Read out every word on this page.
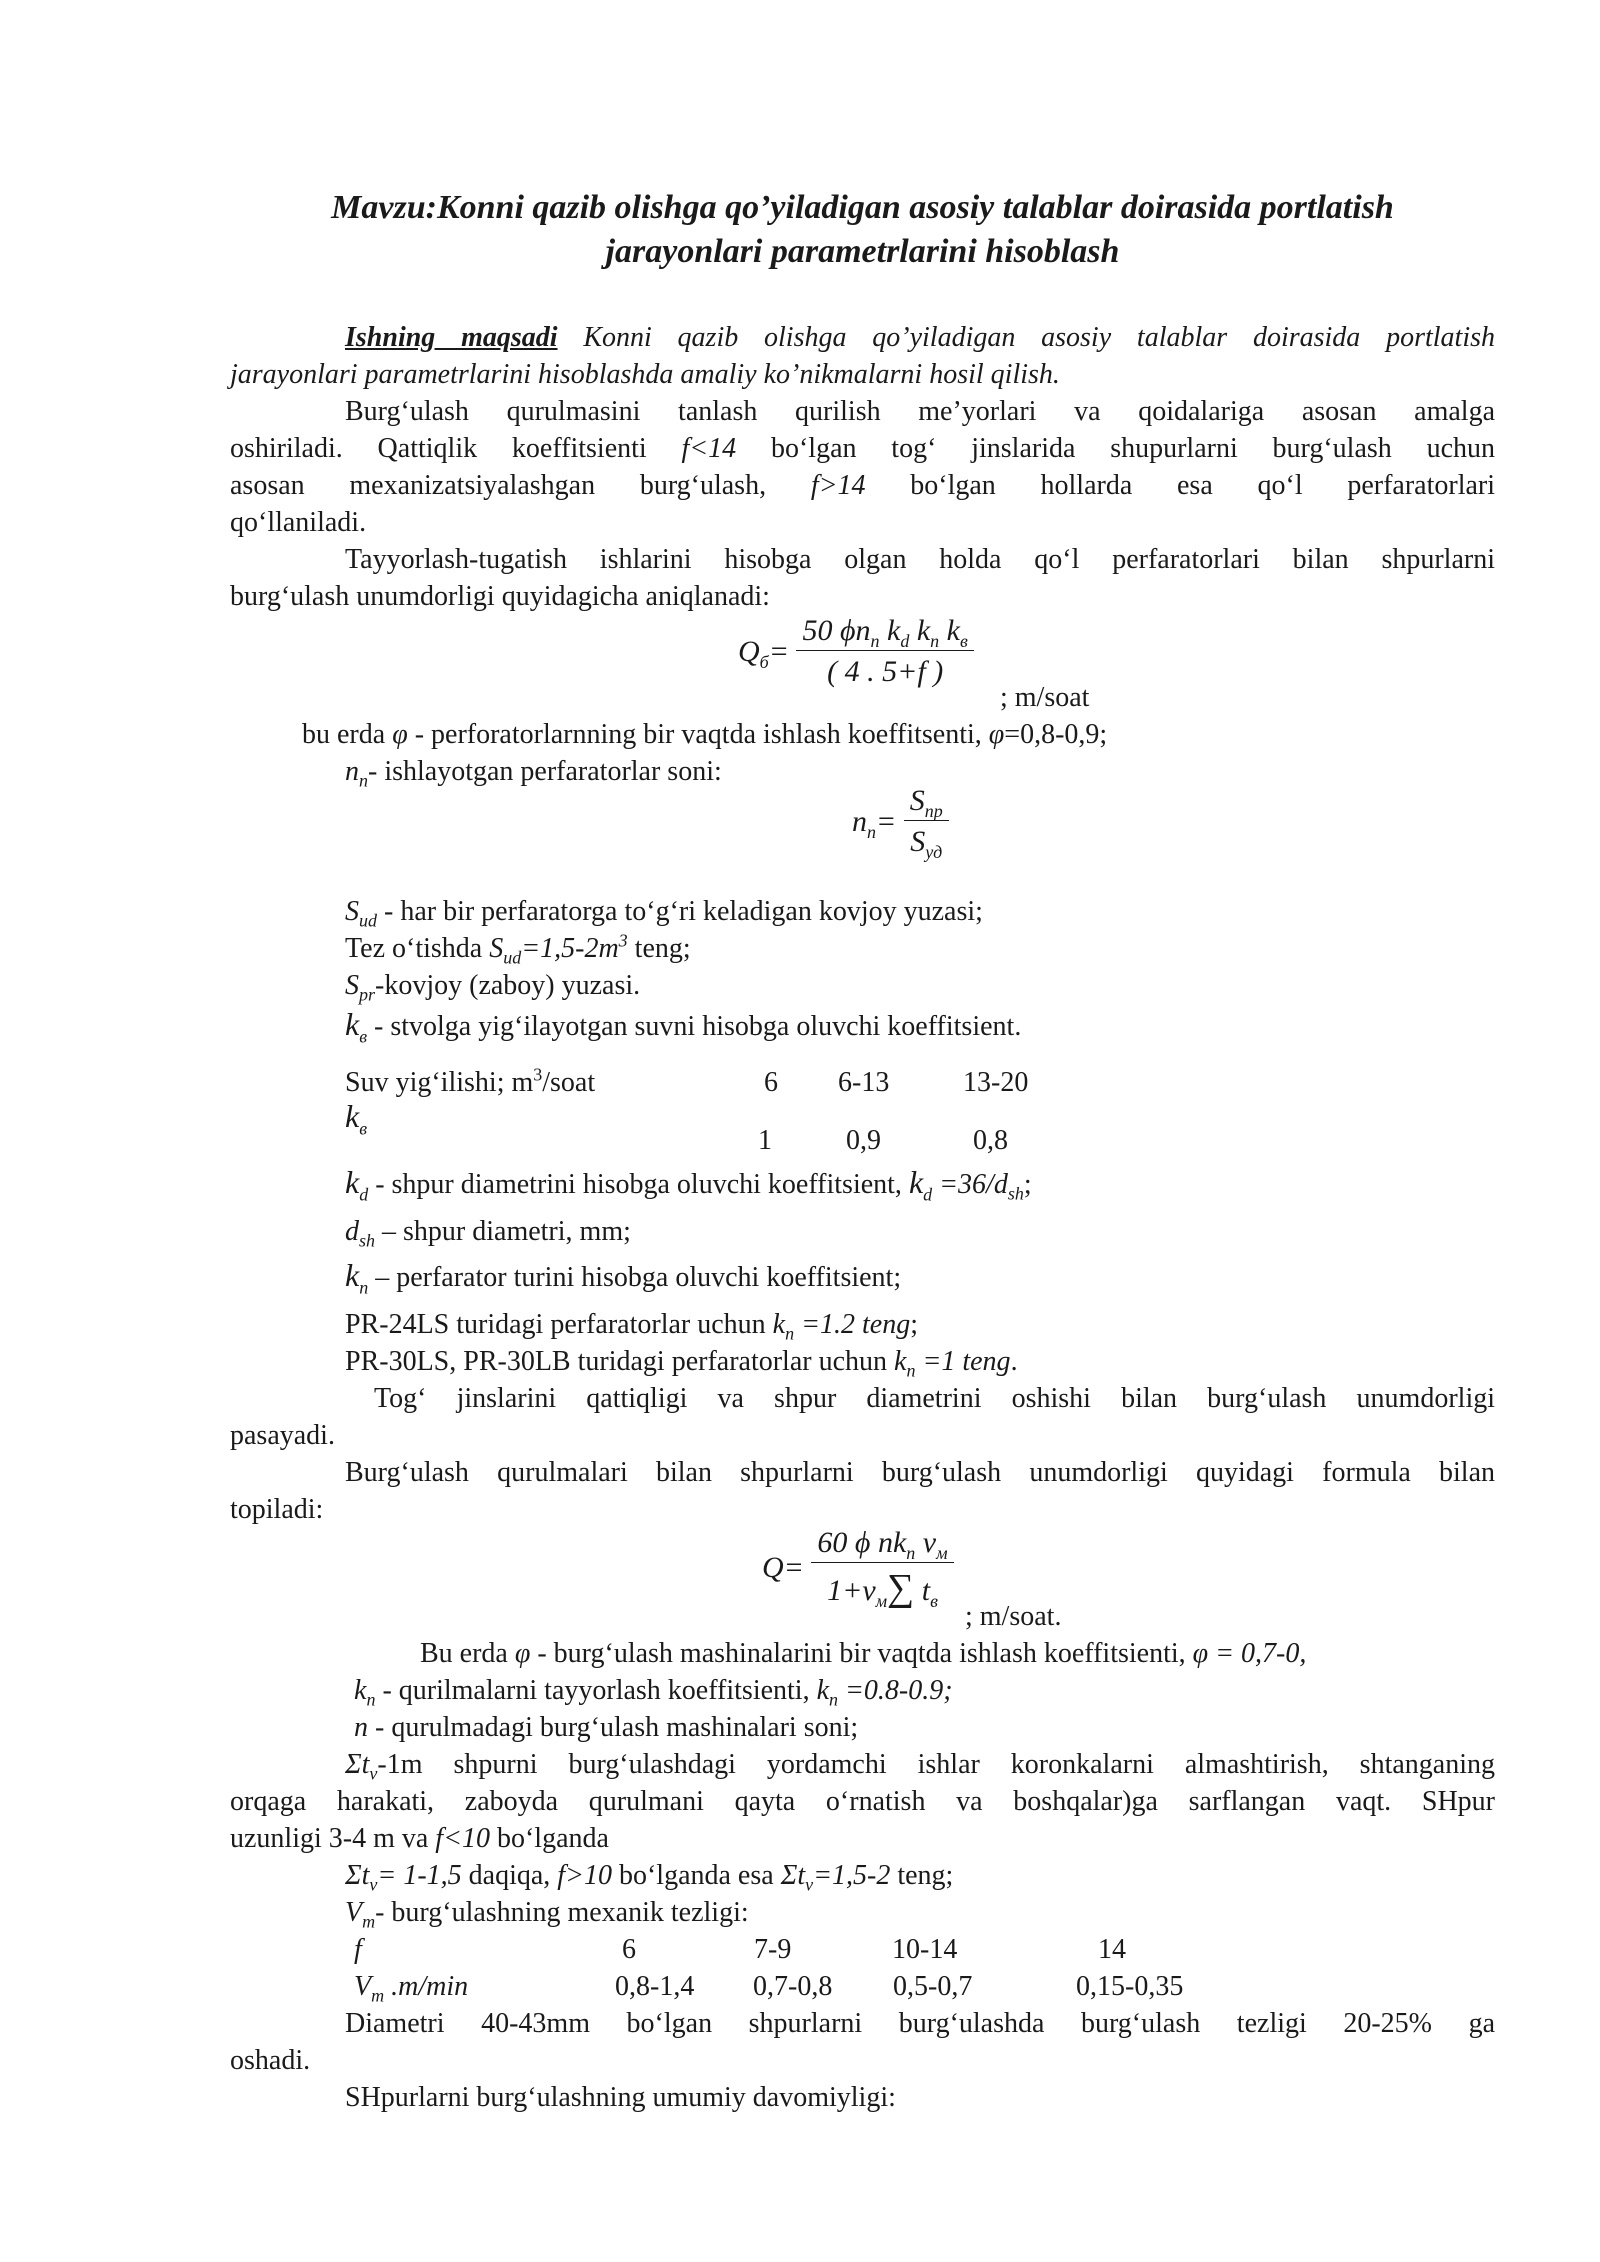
Mavzu:Konni qazib olishga qo’yiladigan asosiy talablar doirasida portlatish
jarayonlari parametrlarini hisoblash
Ishning maqsadi Konni qazib olishga qo’yiladigan asosiy talablar doirasida portlatish
jarayonlari parametrlarini hisoblashda amaliy ko’nikmalarni hosil qilish.
Burg‘ulash qurulmasini tanlash qurilish me’yorlari va qoidalariga asosan amalga
oshiriladi. Qattiqlik koeffitsienti f<14 bo‘lgan tog‘ jinslarida shupurlarni burg‘ulash uchun
asosan mexanizatsiyalashgan burg‘ulash, f>14 bo‘lgan hollarda esa qo‘l perfaratorlari
qo‘llaniladi.
Tayyorlash-tugatish ishlarini hisobga olgan holda qo‘l perfaratorlari bilan shpurlarni
burg‘ulash unumdorligi quyidagicha aniqlanadi:
$Q_б= \frac{50 \phi n_п k_d k_п k_в}{( 4 . 5+f )}$
; m/soat
bu erda φ - perforatorlarnning bir vaqtda ishlash koeffitsenti, φ=0,8-0,9;
$n_п-$ ishlayotgan perfaratorlar soni:
$n_п= \frac{S_{пр}}{S_{уд}}$
$S_{ud}$ - har bir perfaratorga to‘g‘ri keladigan kovjoy yuzasi;
Tez o‘tishda $S_{ud}=1,5-2m^3$ teng;
$S_{pr}$-kovjoy (zaboy) yuzasi.
$k_в$ - stvolga yig‘ilayotgan suvni hisobga oluvchi koeffitsient.
Suv yig‘ilishi; $m^3$/soat	6 6-13	13-20
$k_в$	1	0,9	0,8
$k_d$ - shpur diametrini hisobga oluvchi koeffitsient, $k_d =36/d_{sh}$;
$d_{sh}$ – shpur diametri, mm;
$k_п$ – perfarator turini hisobga oluvchi koeffitsient;
PR-24LS turidagi perfaratorlar uchun $k_n =1.2$ teng;
PR-30LS, PR-30LB turidagi perfaratorlar uchun $k_n =1$ teng.
Tog‘ jinslarini qattiqligi va shpur diametrini oshishi bilan burg‘ulash unumdorligi
pasayadi.
Burg‘ulash qurulmalari bilan shpurlarni burg‘ulash unumdorligi quyidagi formula bilan
topiladi:
$Q= \frac{60 \phi nk_п v_м}{1+v_м\sum t_в}$
; m/soat.
Bu erda φ - burg‘ulash mashinalarini bir vaqtda ishlash koeffitsienti, φ = 0,7-0,
$k_n$ - qurilmalarni tayyorlash koeffitsienti, $k_n =0.8-0.9$;
n - qurulmadagi burg‘ulash mashinalari soni;
$\Sigma t_v-1m$ shpurni burg‘ulashdagi yordamchi ishlar koronkalarni almashtirish, shtanganing
orqaga harakati, zaboyda qurulmani qayta o‘rnatish va boshqalar)ga sarflangan vaqt. SHpur
uzunligi 3-4 m va f<10 bo‘lganda
$\Sigma t_v= 1-1,5$ daqiqa, f>10 bo‘lganda esa $\Sigma t_v=1,5-2$ teng;
$V_m-$ burg‘ulashning mexanik tezligi:
f	6	7-9	10-14	14
$V_m$ .m/min	0,8-1,4 0,7-0,8 0,5-0,7	0,15-0,35
Diametri 40-43mm bo‘lgan shpurlarni burg‘ulashda burg‘ulash tezligi 20-25% ga
oshadi.
SHpurlarni burg‘ulashning umumiy davomiyligi:
